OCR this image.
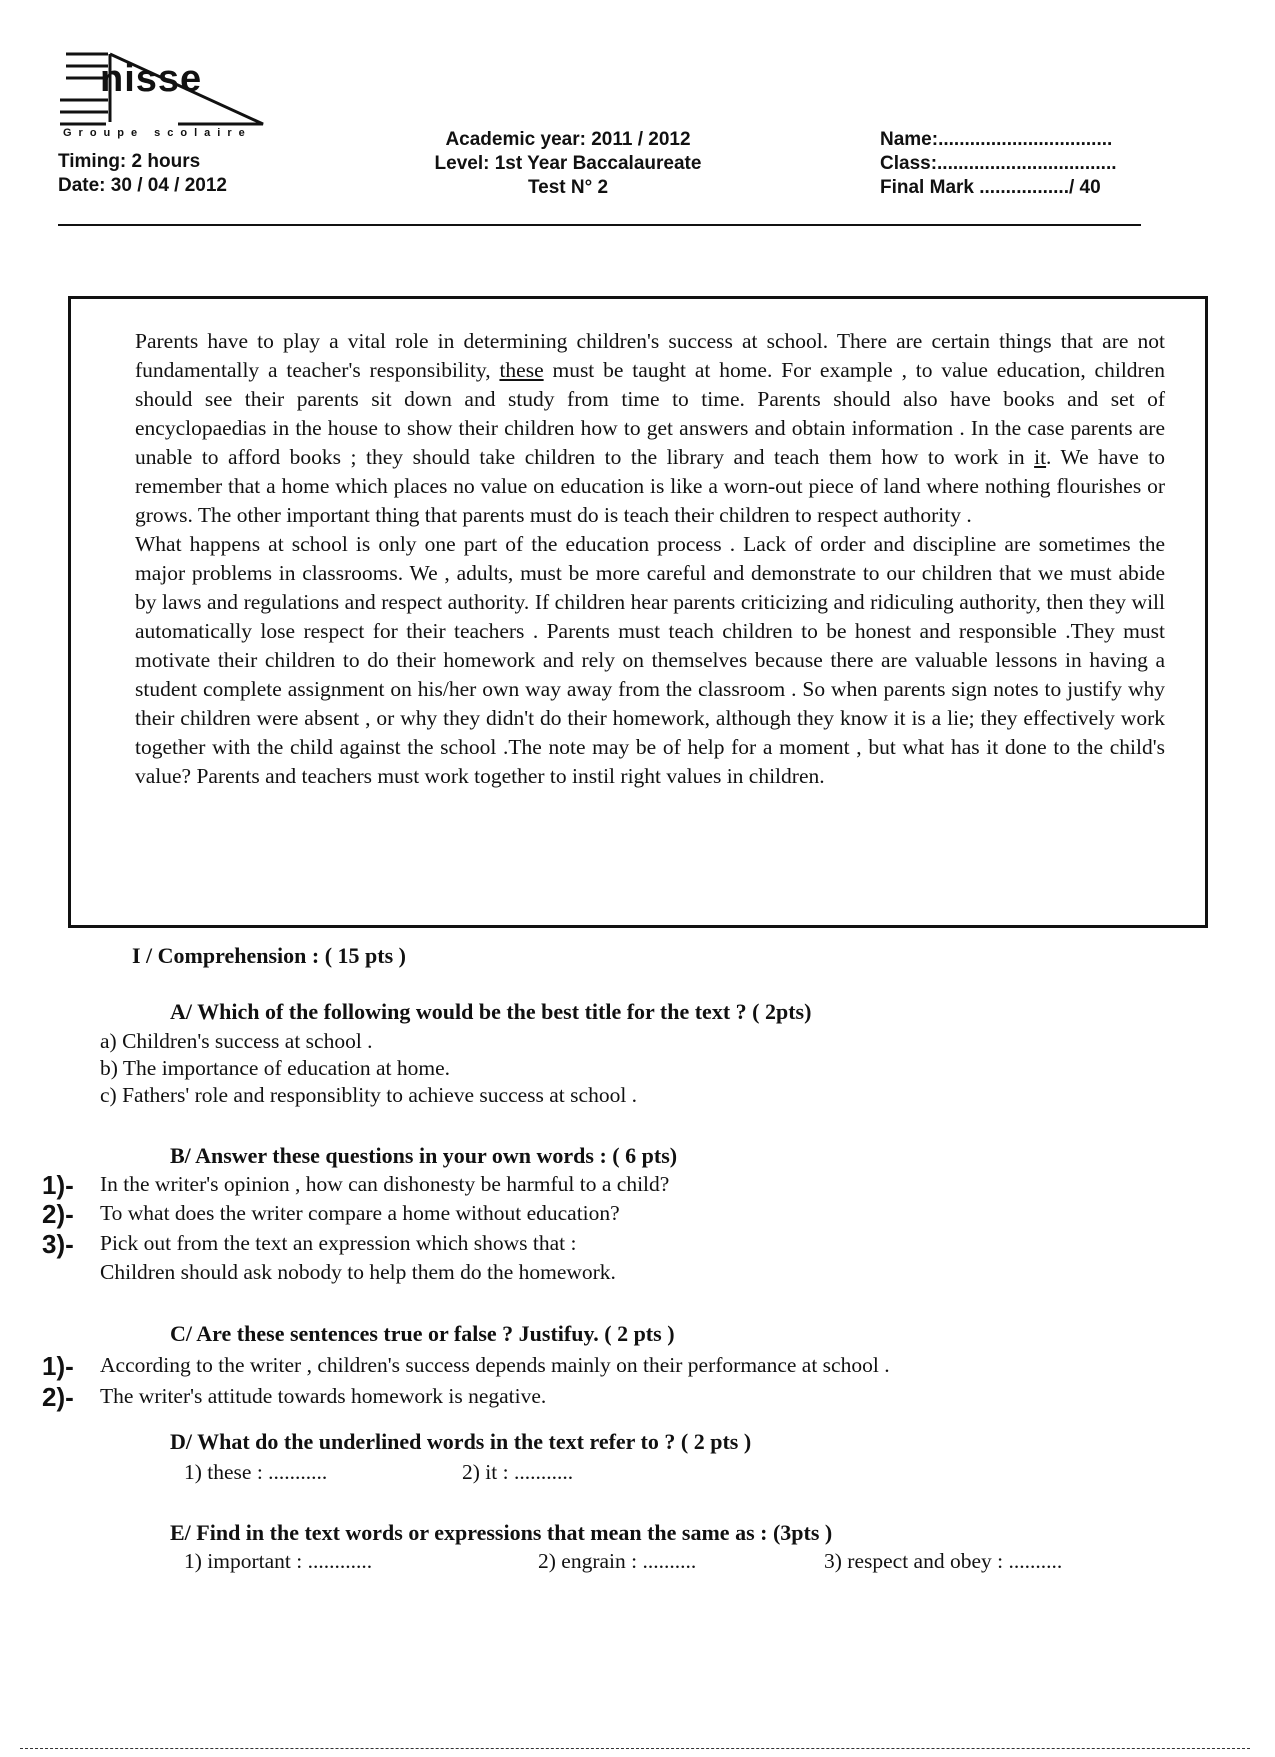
nisse
Groupe scolaire
Timing: 2 hours
Date: 30 / 04 / 2012
Academic year: 2011 / 2012
Level: 1st Year Baccalaureate
Test N° 2
Name:.................................
Class:..................................
Final Mark ................./ 40

Parents have to play a vital role in determining children's success at school. There are certain things that are not fundamentally a teacher's responsibility, these must be taught at home. For example , to value education, children should see their parents sit down and study from time to time. Parents should also have books and set of encyclopaedias in the house to show their children how to get answers and obtain information . In the case parents are unable to afford books ; they should take children to the library and teach them how to work in it. We have to remember that a home which places no value on education is like a worn-out piece of land where nothing flourishes or grows. The other important thing that parents must do is teach their children to respect authority .

What happens at school is only one part of the education process . Lack of order and discipline are sometimes the major problems in classrooms. We , adults, must be more careful and demonstrate to our children that we must abide by laws and regulations and respect authority. If children hear parents criticizing and ridiculing authority, then they will automatically lose respect for their teachers . Parents must teach children to be honest and responsible .They must motivate their children to do their homework and rely on themselves because there are valuable lessons in having a student complete assignment on his/her own way away from the classroom . So when parents sign notes to justify why their children were absent , or why they didn't do their homework, although they know it is a lie; they effectively work together with the child against the school .The note may be of help for a moment , but what has it done to the child's value? Parents and teachers must work together to instil right values in children.

I / Comprehension : ( 15 pts )
A/ Which of the following would be the best title for the text ? ( 2pts)
a) Children's success at school .
b) The importance of education at home.
c) Fathers' role and responsiblity to achieve success at school .
B/ Answer these questions in your own words : ( 6 pts)
1)- In the writer's opinion , how can dishonesty be harmful to a child?
2)- To what does the writer compare a home without education?
3)- Pick out from the text an expression which shows that :
Children should ask nobody to help them do the homework.
C/ Are these sentences true or false ? Justifuy. ( 2 pts )
1)- According to the writer , children's success depends mainly on their performance at school .
2)- The writer's attitude towards homework is negative.
D/ What do the underlined words in the text refer to ? ( 2 pts )
1) these : ...........	2) it : ...........
E/ Find in the text words or expressions that mean the same as : (3pts )
1) important : ............	2) engrain : ..........	3) respect and obey : ..........
